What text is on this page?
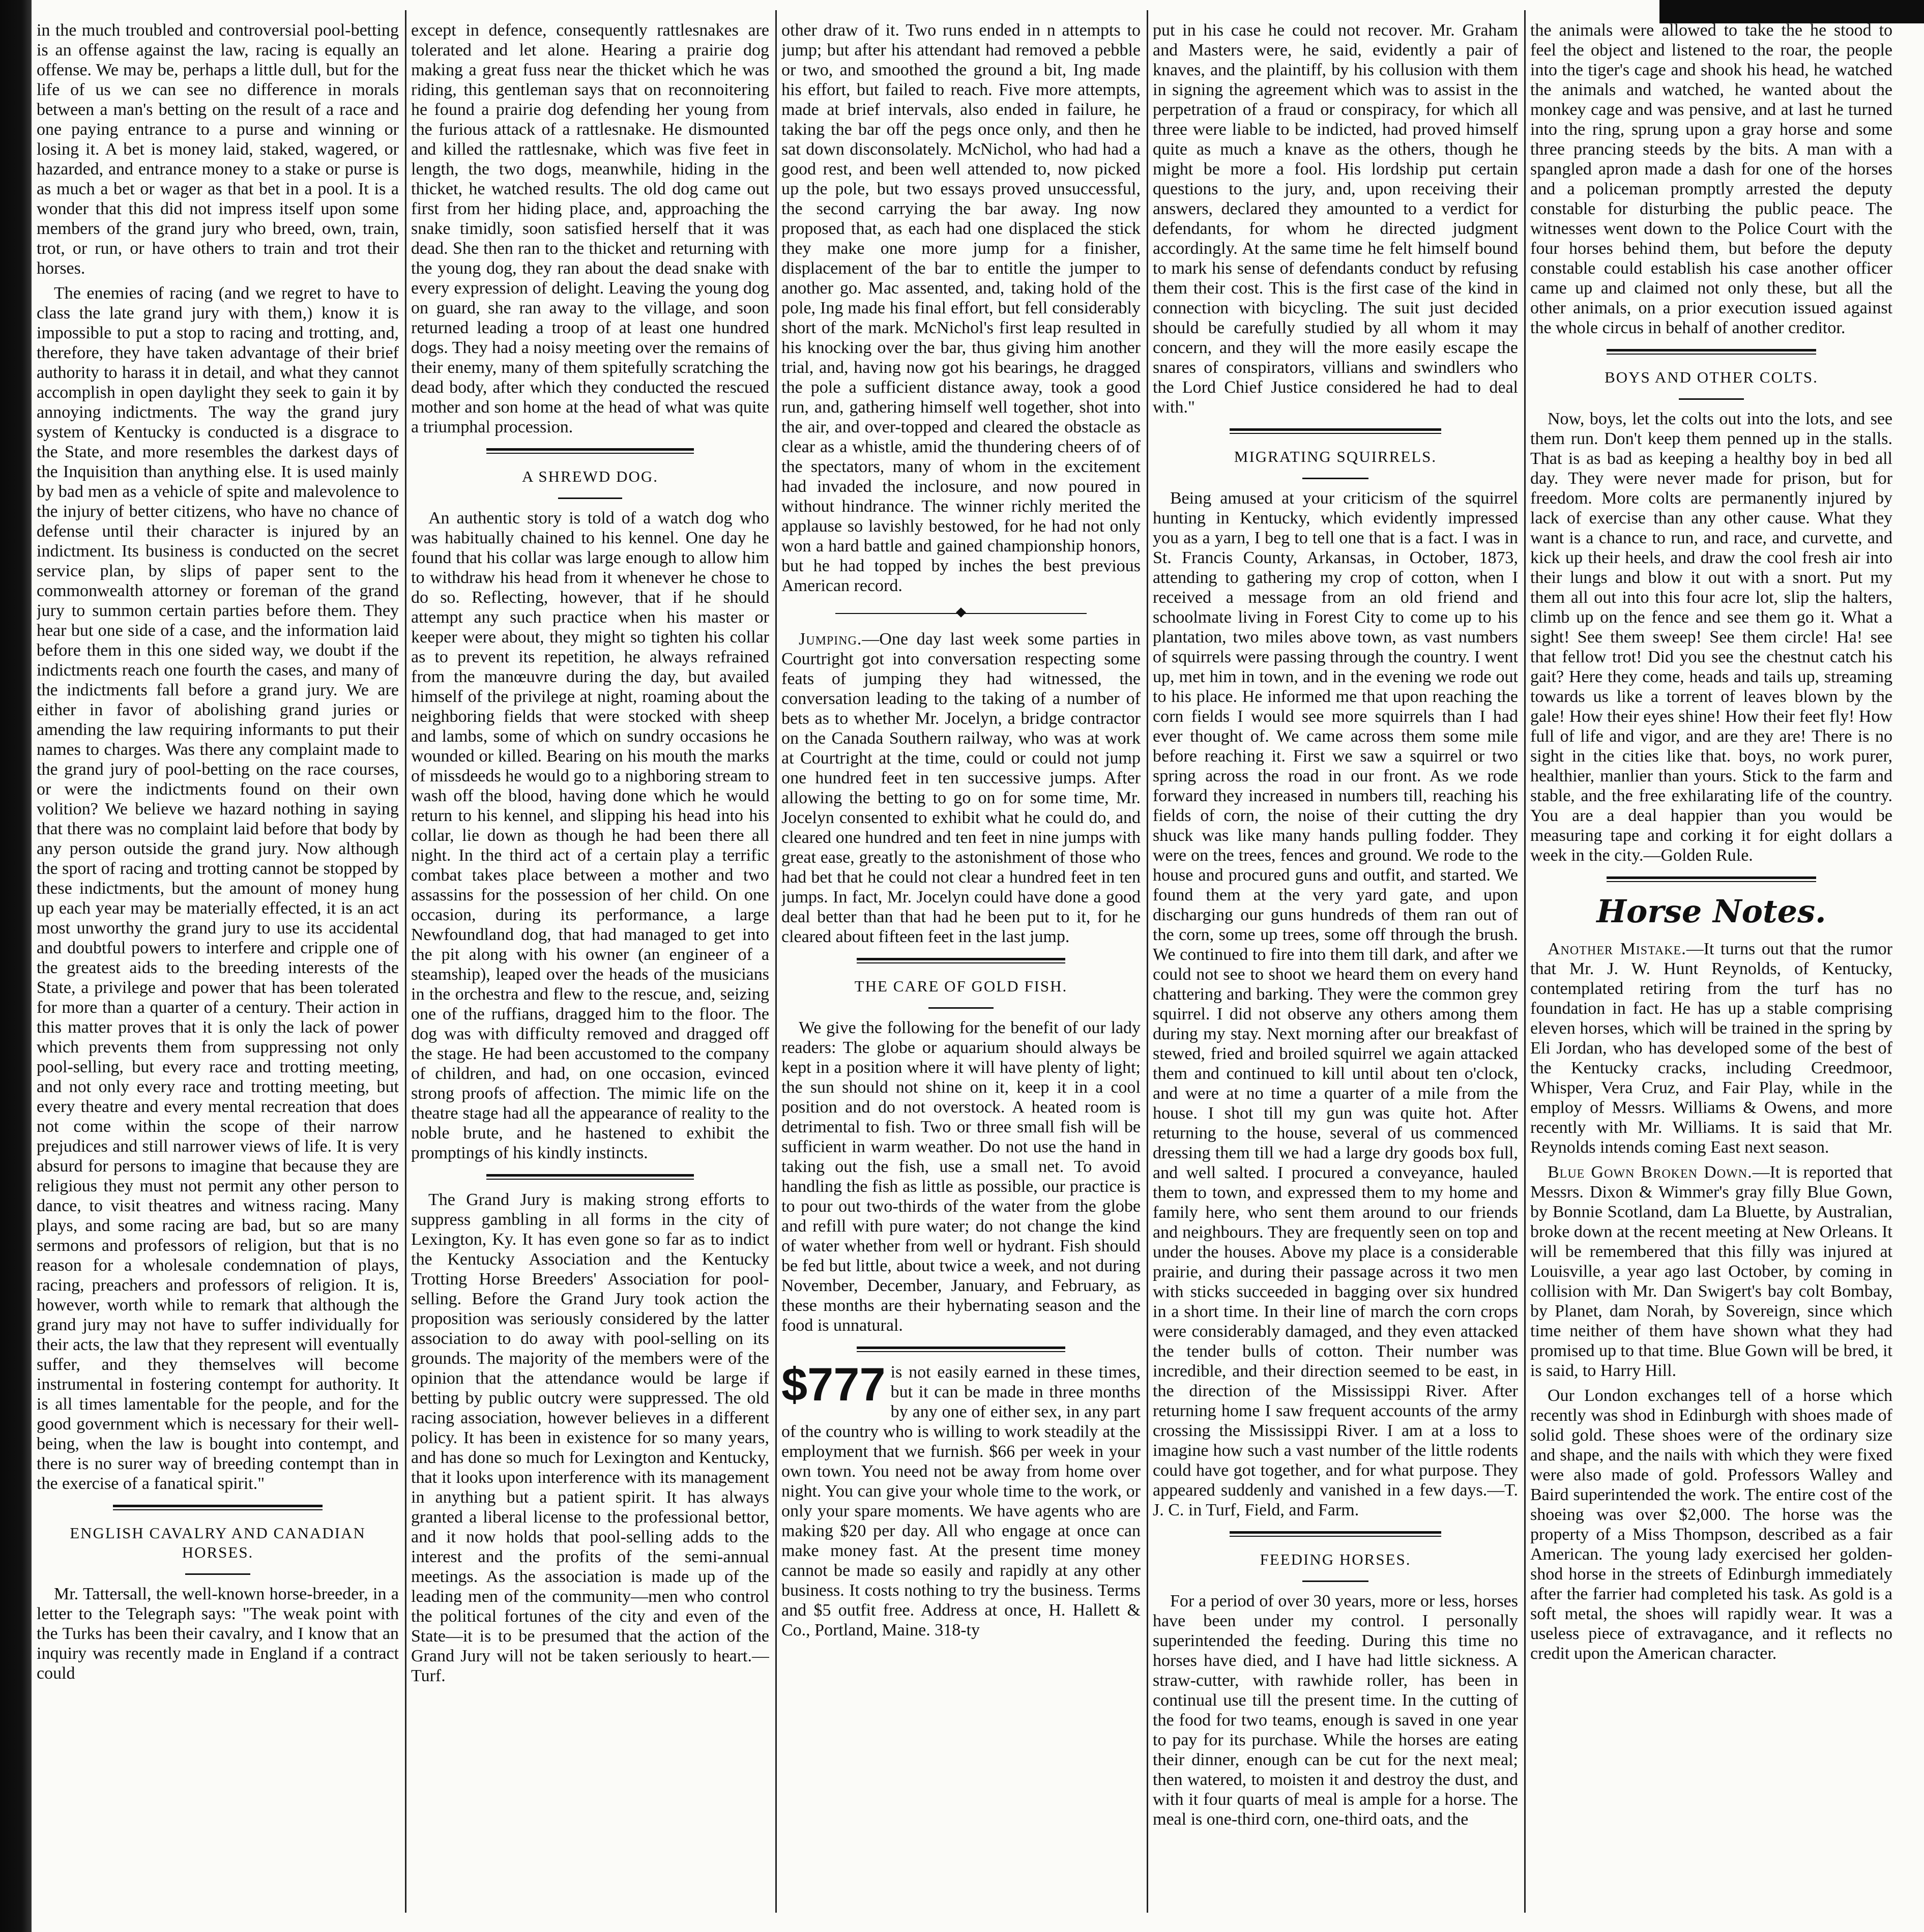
in the much troubled and controversial pool-betting is an offense against the law, racing is equally an offense. We may be, perhaps a little dull, but for the life of us we can see no difference in morals between a man's betting on the result of a race and one paying entrance to a purse and winning or losing it. A bet is money laid, staked, wagered, or hazarded, and entrance money to a stake or purse is as much a bet or wager as that bet in a pool. It is a wonder that this did not impress itself upon some members of the grand jury who breed, own, train, trot, or run, or have others to train and trot their horses.

The enemies of racing (and we regret to have to class the late grand jury with them,) know it is impossible to put a stop to racing and trotting, and, therefore, they have taken advantage of their brief authority to harass it in detail, and what they cannot accomplish in open daylight they seek to gain it by annoying indictments. The way the grand jury system of Kentucky is conducted is a disgrace to the State, and more resembles the darkest days of the Inquisition than anything else. It is used mainly by bad men as a vehicle of spite and malevolence to the injury of better citizens, who have no chance of defense until their character is injured by an indictment. Its business is conducted on the secret service plan, by slips of paper sent to the commonwealth attorney or foreman of the grand jury to summon certain parties before them. They hear but one side of a case, and the information laid before them in this one sided way, we doubt if the indictments reach one fourth the cases, and many of the indictments fall before a grand jury. We are either in favor of abolishing grand juries or amending the law requiring informants to put their names to charges. Was there any complaint made to the grand jury of pool-betting on the race courses, or were the indictments found on their own volition? We believe we hazard nothing in saying that there was no complaint laid before that body by any person outside the grand jury. Now although the sport of racing and trotting cannot be stopped by these indictments, but the amount of money hung up each year may be materially effected, it is an act most unworthy the grand jury to use its accidental and doubtful powers to interfere and cripple one of the greatest aids to the breeding interests of the State, a privilege and power that has been tolerated for more than a quarter of a century. Their action in this matter proves that it is only the lack of power which prevents them from suppressing not only pool-selling, but every race and trotting meeting, and not only every race and trotting meeting, but every theatre and every mental recreation that does not come within the scope of their narrow prejudices and still narrower views of life. It is very absurd for persons to imagine that because they are religious they must not permit any other person to dance, to visit theatres and witness racing. Many plays, and some racing are bad, but so are many sermons and professors of religion, but that is no reason for a wholesale condemnation of plays, racing, preachers and professors of religion. It is, however, worth while to remark that although the grand jury may not have to suffer individually for their acts, the law that they represent will eventually suffer, and they themselves will become instrumental in fostering contempt for authority. It is all times lamentable for the people, and for the good government which is necessary for their well-being, when the law is bought into contempt, and there is no surer way of breeding contempt than in the exercise of a fanatical spirit."

ENGLISH CAVALRY AND CANADIAN HORSES.

Mr. Tattersall, the well-known horse-breeder, in a letter to the Telegraph says: "The weak point with the Turks has been their cavalry, and I know that an inquiry was recently made in England if a contract could

except in defence, consequently rattlesnakes are tolerated and let alone. Hearing a prairie dog making a great fuss near the thicket which he was riding, this gentleman says that on reconnoitering he found a prairie dog defending her young from the furious attack of a rattlesnake. He dismounted and killed the rattlesnake, which was five feet in length, the two dogs, meanwhile, hiding in the thicket, he watched results. The old dog came out first from her hiding place, and, approaching the snake timidly, soon satisfied herself that it was dead. She then ran to the thicket and returning with the young dog, they ran about the dead snake with every expression of delight. Leaving the young dog on guard, she ran away to the village, and soon returned leading a troop of at least one hundred dogs. They had a noisy meeting over the remains of their enemy, many of them spitefully scratching the dead body, after which they conducted the rescued mother and son home at the head of what was quite a triumphal procession.

A SHREWD DOG.

An authentic story is told of a watch dog who was habitually chained to his kennel. One day he found that his collar was large enough to allow him to withdraw his head from it whenever he chose to do so. Reflecting, however, that if he should attempt any such practice when his master or keeper were about, they might so tighten his collar as to prevent its repetition, he always refrained from the manœuvre during the day, but availed himself of the privilege at night, roaming about the neighboring fields that were stocked with sheep and lambs, some of which on sundry occasions he wounded or killed. Bearing on his mouth the marks of missdeeds he would go to a nighboring stream to wash off the blood, having done which he would return to his kennel, and slipping his head into his collar, lie down as though he had been there all night. In the third act of a certain play a terrific combat takes place between a mother and two assassins for the possession of her child. On one occasion, during its performance, a large Newfoundland dog, that had managed to get into the pit along with his owner (an engineer of a steamship), leaped over the heads of the musicians in the orchestra and flew to the rescue, and, seizing one of the ruffians, dragged him to the floor. The dog was with difficulty removed and dragged off the stage. He had been accustomed to the company of children, and had, on one occasion, evinced strong proofs of affection. The mimic life on the theatre stage had all the appearance of reality to the noble brute, and he hastened to exhibit the promptings of his kindly instincts.

The Grand Jury is making strong efforts to suppress gambling in all forms in the city of Lexington, Ky. It has even gone so far as to indict the Kentucky Association and the Kentucky Trotting Horse Breeders' Association for pool-selling. Before the Grand Jury took action the proposition was seriously considered by the latter association to do away with pool-selling on its grounds. The majority of the members were of the opinion that the attendance would be large if betting by public outcry were suppressed. The old racing association, however believes in a different policy. It has been in existence for so many years, and has done so much for Lexington and Kentucky, that it looks upon interference with its management in anything but a patient spirit. It has always granted a liberal license to the professional bettor, and it now holds that pool-selling adds to the interest and the profits of the semi-annual meetings. As the association is made up of the leading men of the community—men who control the political fortunes of the city and even of the State—it is to be presumed that the action of the Grand Jury will not be taken seriously to heart.—Turf.

other draw of it. Two runs ended in n attempts to jump; but after his attendant had removed a pebble or two, and smoothed the ground a bit, Ing made his effort, but failed to reach. Five more attempts, made at brief intervals, also ended in failure, he taking the bar off the pegs once only, and then he sat down disconsolately. McNichol, who had had a good rest, and been well attended to, now picked up the pole, but two essays proved unsuccessful, the second carrying the bar away. Ing now proposed that, as each had one displaced the stick they make one more jump for a finisher, displacement of the bar to entitle the jumper to another go. Mac assented, and, taking hold of the pole, Ing made his final effort, but fell considerably short of the mark. McNichol's first leap resulted in his knocking over the bar, thus giving him another trial, and, having now got his bearings, he dragged the pole a sufficient distance away, took a good run, and, gathering himself well together, shot into the air, and over-topped and cleared the obstacle as clear as a whistle, amid the thundering cheers of of the spectators, many of whom in the excitement had invaded the inclosure, and now poured in without hindrance. The winner richly merited the applause so lavishly bestowed, for he had not only won a hard battle and gained championship honors, but he had topped by inches the best previous American record.

Jumping.—One day last week some parties in Courtright got into conversation respecting some feats of jumping they had witnessed, the conversation leading to the taking of a number of bets as to whether Mr. Jocelyn, a bridge contractor on the Canada Southern railway, who was at work at Courtright at the time, could or could not jump one hundred feet in ten successive jumps. After allowing the betting to go on for some time, Mr. Jocelyn consented to exhibit what he could do, and cleared one hundred and ten feet in nine jumps with great ease, greatly to the astonishment of those who had bet that he could not clear a hundred feet in ten jumps. In fact, Mr. Jocelyn could have done a good deal better than that had he been put to it, for he cleared about fifteen feet in the last jump.

THE CARE OF GOLD FISH.

We give the following for the benefit of our lady readers: The globe or aquarium should always be kept in a position where it will have plenty of light; the sun should not shine on it, keep it in a cool position and do not overstock. A heated room is detrimental to fish. Two or three small fish will be sufficient in warm weather. Do not use the hand in taking out the fish, use a small net. To avoid handling the fish as little as possible, our practice is to pour out two-thirds of the water from the globe and refill with pure water; do not change the kind of water whether from well or hydrant. Fish should be fed but little, about twice a week, and not during November, December, January, and February, as these months are their hybernating season and the food is unnatural.

$777 is not easily earned in these times, but it can be made in three months by any one of either sex, in any part of the country who is willing to work steadily at the employment that we furnish. $66 per week in your own town. You need not be away from home over night. You can give your whole time to the work, or only your spare moments. We have agents who are making $20 per day. All who engage at once can make money fast. At the present time money cannot be made so easily and rapidly at any other business. It costs nothing to try the business. Terms and $5 outfit free. Address at once, H. Hallett & Co., Portland, Maine. 318-ty

put in his case he could not recover. Mr. Graham and Masters were, he said, evidently a pair of knaves, and the plaintiff, by his collusion with them in signing the agreement which was to assist in the perpetration of a fraud or conspiracy, for which all three were liable to be indicted, had proved himself quite as much a knave as the others, though he might be more a fool. His lordship put certain questions to the jury, and, upon receiving their answers, declared they amounted to a verdict for defendants, for whom he directed judgment accordingly. At the same time he felt himself bound to mark his sense of defendants conduct by refusing them their cost. This is the first case of the kind in connection with bicycling. The suit just decided should be carefully studied by all whom it may concern, and they will the more easily escape the snares of conspirators, villians and swindlers who the Lord Chief Justice considered he had to deal with."

MIGRATING SQUIRRELS.

Being amused at your criticism of the squirrel hunting in Kentucky, which evidently impressed you as a yarn, I beg to tell one that is a fact. I was in St. Francis County, Arkansas, in October, 1873, attending to gathering my crop of cotton, when I received a message from an old friend and schoolmate living in Forest City to come up to his plantation, two miles above town, as vast numbers of squirrels were passing through the country. I went up, met him in town, and in the evening we rode out to his place. He informed me that upon reaching the corn fields I would see more squirrels than I had ever thought of. We came across them some mile before reaching it. First we saw a squirrel or two spring across the road in our front. As we rode forward they increased in numbers till, reaching his fields of corn, the noise of their cutting the dry shuck was like many hands pulling fodder. They were on the trees, fences and ground. We rode to the house and procured guns and outfit, and started. We found them at the very yard gate, and upon discharging our guns hundreds of them ran out of the corn, some up trees, some off through the brush. We continued to fire into them till dark, and after we could not see to shoot we heard them on every hand chattering and barking. They were the common grey squirrel. I did not observe any others among them during my stay. Next morning after our breakfast of stewed, fried and broiled squirrel we again attacked them and continued to kill until about ten o'clock, and were at no time a quarter of a mile from the house. I shot till my gun was quite hot. After returning to the house, several of us commenced dressing them till we had a large dry goods box full, and well salted. I procured a conveyance, hauled them to town, and expressed them to my home and family here, who sent them around to our friends and neighbours. They are frequently seen on top and under the houses. Above my place is a considerable prairie, and during their passage across it two men with sticks succeeded in bagging over six hundred in a short time. In their line of march the corn crops were considerably damaged, and they even attacked the tender bulls of cotton. Their number was incredible, and their direction seemed to be east, in the direction of the Mississippi River. After returning home I saw frequent accounts of the army crossing the Mississippi River. I am at a loss to imagine how such a vast number of the little rodents could have got together, and for what purpose. They appeared suddenly and vanished in a few days.—T. J. C. in Turf, Field, and Farm.

FEEDING HORSES.

For a period of over 30 years, more or less, horses have been under my control. I personally superintended the feeding. During this time no horses have died, and I have had little sickness. A straw-cutter, with rawhide roller, has been in continual use till the present time. In the cutting of the food for two teams, enough is saved in one year to pay for its purchase. While the horses are eating their dinner, enough can be cut for the next meal; then watered, to moisten it and destroy the dust, and with it four quarts of meal is ample for a horse. The meal is one-third corn, one-third oats, and the

the animals were allowed to take the he stood to feel the object and listened to the roar, the people into the tiger's cage and shook his head, he watched the animals and watched, he wanted about the monkey cage and was pensive, and at last he turned into the ring, sprung upon a gray horse and some three prancing steeds by the bits. A man with a spangled apron made a dash for one of the horses and a policeman promptly arrested the deputy constable for disturbing the public peace. The witnesses went down to the Police Court with the four horses behind them, but before the deputy constable could establish his case another officer came up and claimed not only these, but all the other animals, on a prior execution issued against the whole circus in behalf of another creditor.

BOYS AND OTHER COLTS.

Now, boys, let the colts out into the lots, and see them run. Don't keep them penned up in the stalls. That is as bad as keeping a healthy boy in bed all day. They were never made for prison, but for freedom. More colts are permanently injured by lack of exercise than any other cause. What they want is a chance to run, and race, and curvette, and kick up their heels, and draw the cool fresh air into their lungs and blow it out with a snort. Put my them all out into this four acre lot, slip the halters, climb up on the fence and see them go it. What a sight! See them sweep! See them circle! Ha! see that fellow trot! Did you see the chestnut catch his gait? Here they come, heads and tails up, streaming towards us like a torrent of leaves blown by the gale! How their eyes shine! How their feet fly! How full of life and vigor, and are they are! There is no sight in the cities like that. boys, no work purer, healthier, manlier than yours. Stick to the farm and stable, and the free exhilarating life of the country. You are a deal happier than you would be measuring tape and corking it for eight dollars a week in the city.—Golden Rule.

Horse Notes.

Another Mistake.—It turns out that the rumor that Mr. J. W. Hunt Reynolds, of Kentucky, contemplated retiring from the turf has no foundation in fact. He has up a stable comprising eleven horses, which will be trained in the spring by Eli Jordan, who has developed some of the best of the Kentucky cracks, including Creedmoor, Whisper, Vera Cruz, and Fair Play, while in the employ of Messrs. Williams & Owens, and more recently with Mr. Williams. It is said that Mr. Reynolds intends coming East next season.

Blue Gown Broken Down.—It is reported that Messrs. Dixon & Wimmer's gray filly Blue Gown, by Bonnie Scotland, dam La Bluette, by Australian, broke down at the recent meeting at New Orleans. It will be remembered that this filly was injured at Louisville, a year ago last October, by coming in collision with Mr. Dan Swigert's bay colt Bombay, by Planet, dam Norah, by Sovereign, since which time neither of them have shown what they had promised up to that time. Blue Gown will be bred, it is said, to Harry Hill.

Our London exchanges tell of a horse which recently was shod in Edinburgh with shoes made of solid gold. These shoes were of the ordinary size and shape, and the nails with which they were fixed were also made of gold. Professors Walley and Baird superintended the work. The entire cost of the shoeing was over $2,000. The horse was the property of a Miss Thompson, described as a fair American. The young lady exercised her golden-shod horse in the streets of Edinburgh immediately after the farrier had completed his task. As gold is a soft metal, the shoes will rapidly wear. It was a useless piece of extravagance, and it reflects no credit upon the American character.
